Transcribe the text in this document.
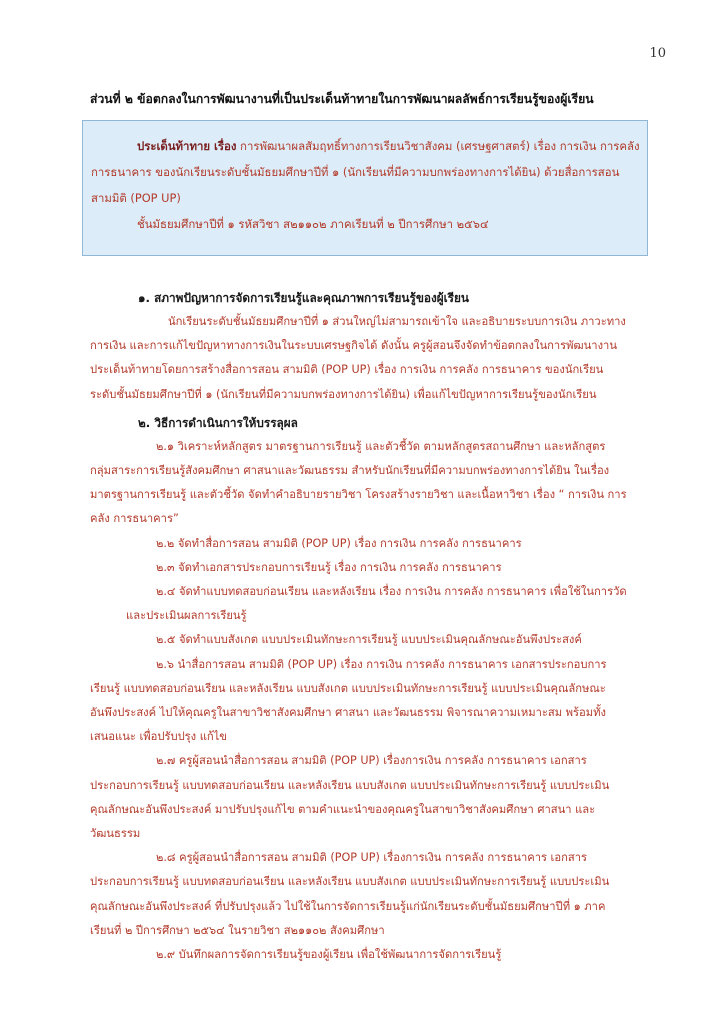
10
ส่วนที่ ๒ ข้อตกลงในการพัฒนางานที่เป็นประเด็นท้าทายในการพัฒนาผลลัพธ์การเรียนรู้ของผู้เรียน
ประเด็นท้าทาย เรื่อง การพัฒนาผลสัมฤทธิ์ทางการเรียนวิชาสังคม (เศรษฐศาสตร์) เรื่อง การเงิน การคลัง
การธนาคาร ของนักเรียนระดับชั้นมัธยมศึกษาปีที่ ๑ (นักเรียนที่มีความบกพร่องทางการได้ยิน) ด้วยสื่อการสอน
สามมิติ (POP UP)
ชั้นมัธยมศึกษาปีที่ ๑ รหัสวิชา ส๒๑๑๐๒ ภาคเรียนที่ ๒ ปีการศึกษา ๒๕๖๔
๑. สภาพปัญหาการจัดการเรียนรู้และคุณภาพการเรียนรู้ของผู้เรียน
นักเรียนระดับชั้นมัธยมศึกษาปีที่ ๑ ส่วนใหญ่ไม่สามารถเข้าใจ และอธิบายระบบการเงิน ภาวะทาง
การเงิน และการแก้ไขปัญหาทางการเงินในระบบเศรษฐกิจได้ ดังนั้น ครูผู้สอนจึงจัดทำข้อตกลงในการพัฒนางาน
ประเด็นท้าทายโดยการสร้างสื่อการสอน สามมิติ (POP UP) เรื่อง การเงิน การคลัง การธนาคาร ของนักเรียน
ระดับชั้นมัธยมศึกษาปีที่ ๑ (นักเรียนที่มีความบกพร่องทางการได้ยิน) เพื่อแก้ไขปัญหาการเรียนรู้ของนักเรียน
๒. วิธีการดำเนินการให้บรรลุผล
๒.๑ วิเคราะห์หลักสูตร มาตรฐานการเรียนรู้ และตัวชี้วัด ตามหลักสูตรสถานศึกษา และหลักสูตร
กลุ่มสาระการเรียนรู้สังคมศึกษา ศาสนาและวัฒนธรรม สำหรับนักเรียนที่มีความบกพร่องทางการได้ยิน ในเรื่อง
มาตรฐานการเรียนรู้ และตัวชี้วัด จัดทำคำอธิบายรายวิชา โครงสร้างรายวิชา และเนื้อหาวิชา เรื่อง “ การเงิน การ
คลัง การธนาคาร”
๒.๒ จัดทำสื่อการสอน สามมิติ (POP UP) เรื่อง การเงิน การคลัง การธนาคาร
๒.๓ จัดทำเอกสารประกอบการเรียนรู้ เรื่อง การเงิน การคลัง การธนาคาร
๒.๔ จัดทำแบบทดสอบก่อนเรียน และหลังเรียน เรื่อง การเงิน การคลัง การธนาคาร เพื่อใช้ในการวัด
และประเมินผลการเรียนรู้
๒.๕ จัดทำแบบสังเกต แบบประเมินทักษะการเรียนรู้ แบบประเมินคุณลักษณะอันพึงประสงค์
๒.๖ นำสื่อการสอน สามมิติ (POP UP) เรื่อง การเงิน การคลัง การธนาคาร เอกสารประกอบการ
เรียนรู้ แบบทดสอบก่อนเรียน และหลังเรียน แบบสังเกต แบบประเมินทักษะการเรียนรู้ แบบประเมินคุณลักษณะ
อันพึงประสงค์ ไปให้คุณครูในสาขาวิชาสังคมศึกษา ศาสนา และวัฒนธรรม พิจารณาความเหมาะสม พร้อมทั้ง
เสนอแนะ เพื่อปรับปรุง แก้ไข
๒.๗ ครูผู้สอนนำสื่อการสอน สามมิติ (POP UP) เรื่องการเงิน การคลัง การธนาคาร เอกสาร
ประกอบการเรียนรู้ แบบทดสอบก่อนเรียน และหลังเรียน แบบสังเกต แบบประเมินทักษะการเรียนรู้ แบบประเมิน
คุณลักษณะอันพึงประสงค์ มาปรับปรุงแก้ไข ตามคำแนะนำของคุณครูในสาขาวิชาสังคมศึกษา ศาสนา และ
วัฒนธรรม
๒.๘ ครูผู้สอนนำสื่อการสอน สามมิติ (POP UP) เรื่องการเงิน การคลัง การธนาคาร เอกสาร
ประกอบการเรียนรู้ แบบทดสอบก่อนเรียน และหลังเรียน แบบสังเกต แบบประเมินทักษะการเรียนรู้ แบบประเมิน
คุณลักษณะอันพึงประสงค์ ที่ปรับปรุงแล้ว ไปใช้ในการจัดการเรียนรู้แก่นักเรียนระดับชั้นมัธยมศึกษาปีที่ ๑ ภาค
เรียนที่ ๒ ปีการศึกษา ๒๕๖๔ ในรายวิชา ส๒๑๑๐๒ สังคมศึกษา
๒.๙ บันทึกผลการจัดการเรียนรู้ของผู้เรียน เพื่อใช้พัฒนาการจัดการเรียนรู้
